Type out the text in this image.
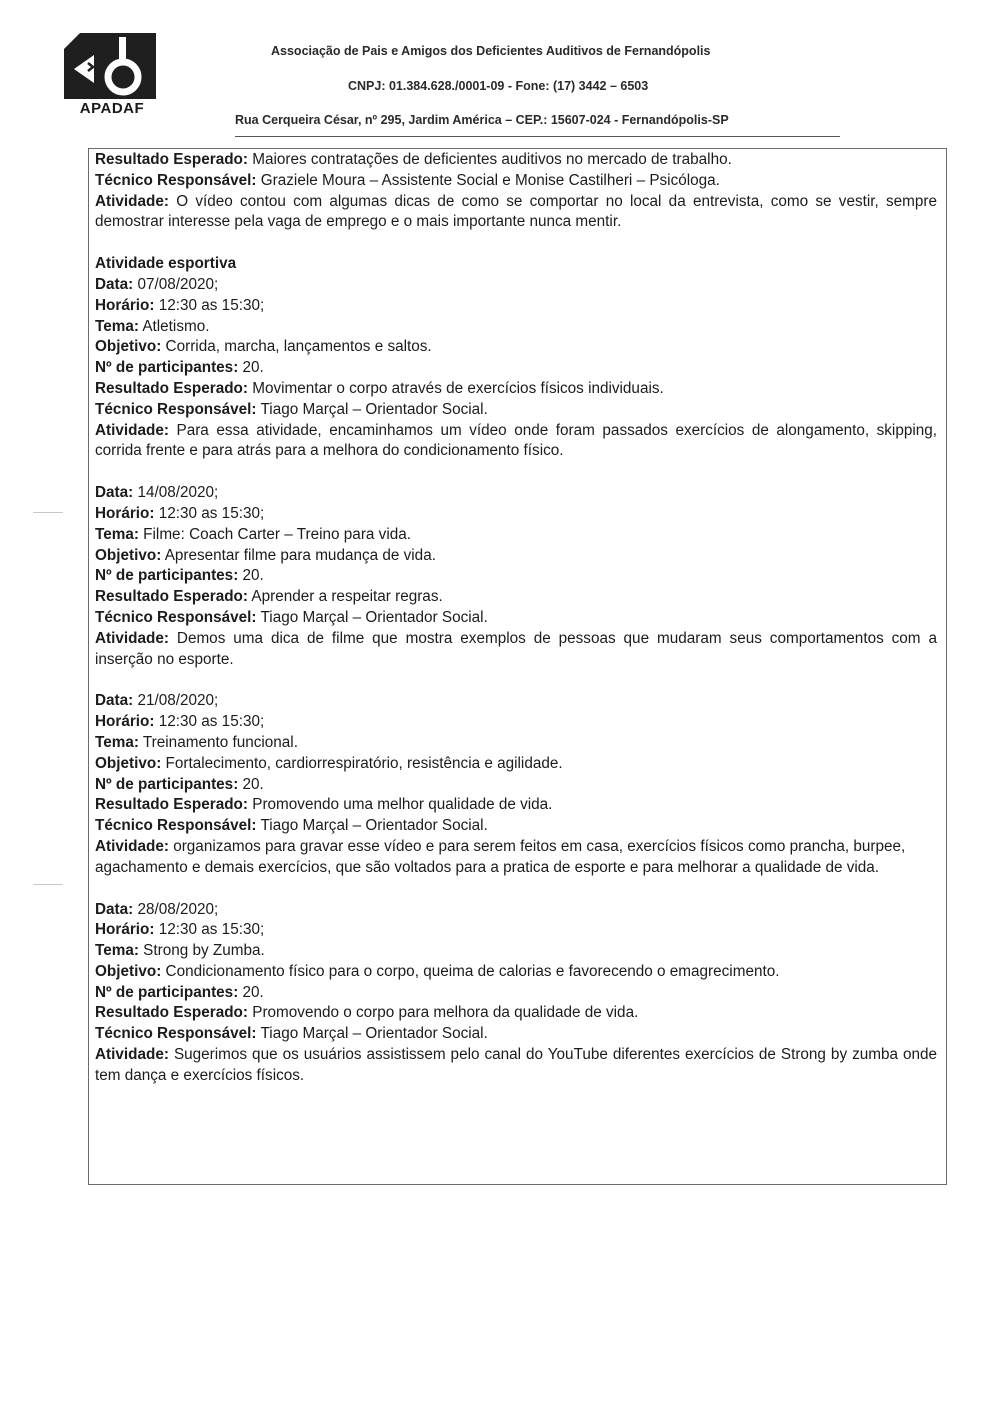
APADAF
Associação de Pais e Amigos dos Deficientes Auditivos de Fernandópolis
CNPJ: 01.384.628./0001-09 - Fone: (17) 3442 – 6503
Rua Cerqueira César, nº 295, Jardim América – CEP.: 15607-024 - Fernandópolis-SP

Resultado Esperado: Maiores contratações de deficientes auditivos no mercado de trabalho.

Técnico Responsável: Graziele Moura – Assistente Social e Monise Castilheri – Psicóloga.

Atividade: O vídeo contou com algumas dicas de como se comportar no local da entrevista, como se vestir, sempre demostrar interesse pela vaga de emprego e o mais importante nunca mentir.

Atividade esportiva

Data: 07/08/2020;

Horário: 12:30 as 15:30;

Tema: Atletismo.

Objetivo: Corrida, marcha, lançamentos e saltos.

Nº de participantes: 20.

Resultado Esperado: Movimentar o corpo através de exercícios físicos individuais.

Técnico Responsável: Tiago Marçal – Orientador Social.

Atividade: Para essa atividade, encaminhamos um vídeo onde foram passados exercícios de alongamento, skipping, corrida frente e para atrás para a melhora do condicionamento físico.

Data: 14/08/2020;

Horário: 12:30 as 15:30;

Tema: Filme: Coach Carter – Treino para vida.

Objetivo: Apresentar filme para mudança de vida.

Nº de participantes: 20.

Resultado Esperado: Aprender a respeitar regras.

Técnico Responsável: Tiago Marçal – Orientador Social.

Atividade: Demos uma dica de filme que mostra exemplos de pessoas que mudaram seus comportamentos com a inserção no esporte.

Data: 21/08/2020;

Horário: 12:30 as 15:30;

Tema: Treinamento funcional.

Objetivo: Fortalecimento, cardiorrespiratório, resistência e agilidade.

Nº de participantes: 20.

Resultado Esperado: Promovendo uma melhor qualidade de vida.

Técnico Responsável: Tiago Marçal – Orientador Social.

Atividade: organizamos para gravar esse vídeo e para serem feitos em casa, exercícios físicos como prancha, burpee, agachamento e demais exercícios, que são voltados para a pratica de esporte e para melhorar a qualidade de vida.

Data: 28/08/2020;

Horário: 12:30 as 15:30;

Tema: Strong by Zumba.

Objetivo: Condicionamento físico para o corpo, queima de calorias e favorecendo o emagrecimento.

Nº de participantes: 20.

Resultado Esperado: Promovendo o corpo para melhora da qualidade de vida.

Técnico Responsável: Tiago Marçal – Orientador Social.

Atividade: Sugerimos que os usuários assistissem pelo canal do YouTube diferentes exercícios de Strong by zumba onde tem dança e exercícios físicos.
